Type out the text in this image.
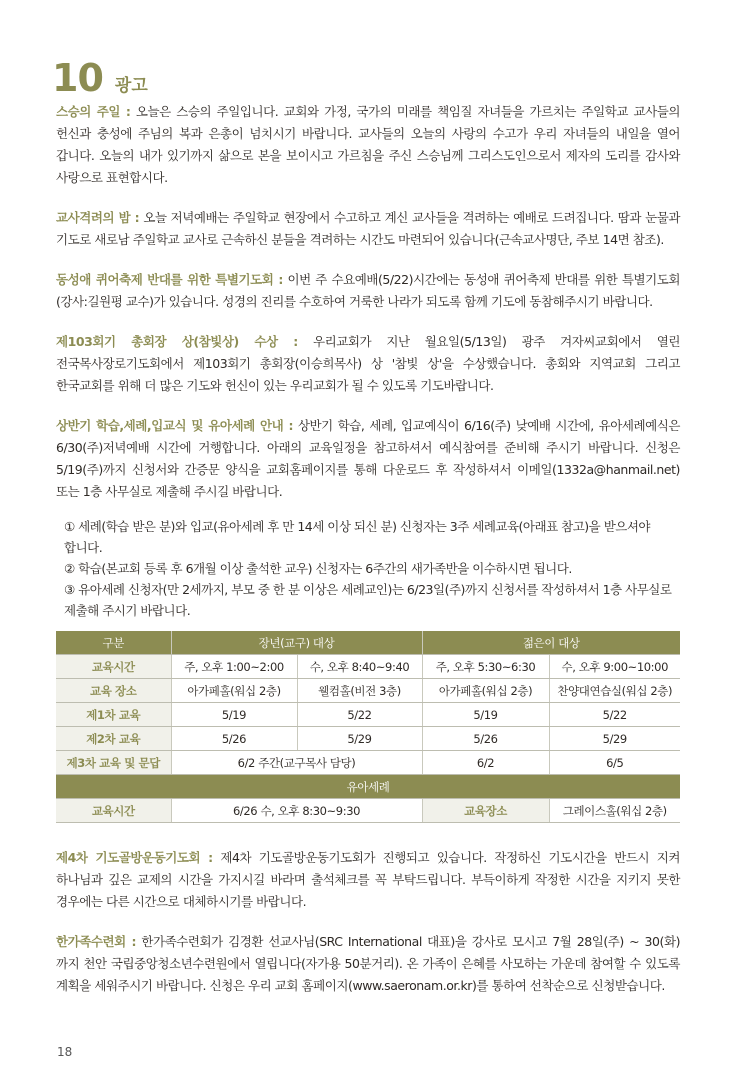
10 광고

스승의 주일 : 오늘은 스승의 주일입니다. 교회와 가정, 국가의 미래를 책임질 자녀들을 가르치는 주일학교 교사들의 헌신과 충성에 주님의 복과 은총이 넘치시기 바랍니다. 교사들의 오늘의 사랑의 수고가 우리 자녀들의 내일을 열어 갑니다. 오늘의 내가 있기까지 삶으로 본을 보이시고 가르침을 주신 스승님께 그리스도인으로서 제자의 도리를 감사와 사랑으로 표현합시다.

교사격려의 밤 : 오늘 저녁예배는 주일학교 현장에서 수고하고 계신 교사들을 격려하는 예배로 드려집니다. 땀과 눈물과 기도로 새로남 주일학교 교사로 근속하신 분들을 격려하는 시간도 마련되어 있습니다(근속교사명단, 주보 14면 참조).

동성애 퀴어축제 반대를 위한 특별기도회 : 이번 주 수요예배(5/22)시간에는 동성애 퀴어축제 반대를 위한 특별기도회(강사:길원평 교수)가 있습니다. 성경의 진리를 수호하여 거룩한 나라가 되도록 함께 기도에 동참해주시기 바랍니다.

제103회기 총회장 상(참빛상) 수상 : 우리교회가 지난 월요일(5/13일) 광주 겨자씨교회에서 열린 전국목사장로기도회에서 제103회기 총회장(이승희목사) 상 '참빛 상'을 수상했습니다. 총회와 지역교회 그리고 한국교회를 위해 더 많은 기도와 헌신이 있는 우리교회가 될 수 있도록 기도바랍니다.

상반기 학습,세례,입교식 및 유아세례 안내 : 상반기 학습, 세례, 입교예식이 6/16(주) 낮예배 시간에, 유아세례예식은 6/30(주)저녁예배 시간에 거행합니다. 아래의 교육일정을 참고하셔서 예식참여를 준비해 주시기 바랍니다. 신청은 5/19(주)까지 신청서와 간증문 양식을 교회홈페이지를 통해 다운로드 후 작성하셔서 이메일(1332a@hanmail.net) 또는 1층 사무실로 제출해 주시길 바랍니다.

① 세례(학습 받은 분)와 입교(유아세례 후 만 14세 이상 되신 분) 신청자는 3주 세례교육(아래표 참고)을 받으셔야 합니다.
② 학습(본교회 등록 후 6개월 이상 출석한 교우) 신청자는 6주간의 새가족반을 이수하시면 됩니다.
③ 유아세례 신청자(만 2세까지, 부모 중 한 분 이상은 세례교인)는 6/23일(주)까지 신청서를 작성하셔서 1층 사무실로 제출해 주시기 바랍니다.
구분	장년(교구) 대상		젊은이 대상	
교육시간	주, 오후 1:00~2:00	수, 오후 8:40~9:40	주, 오후 5:30~6:30	수, 오후 9:00~10:00
교육 장소	아가페홀(워십 2층)	웰컴홀(비전 3층)	아가페홀(워십 2층)	찬양대연습실(워십 2층)
제1차 교육	5/19	5/22	5/19	5/22
제2차 교육	5/26	5/29	5/26	5/29
제3차 교육 및 문답	6/2 주간(교구목사 담당)		6/2	6/5
유아세례				
교육시간	6/26 수, 오후 8:30~9:30		교육장소	그레이스홀(워십 2층)

제4차 기도골방운동기도회 : 제4차 기도골방운동기도회가 진행되고 있습니다. 작정하신 기도시간을 반드시 지켜 하나님과 깊은 교제의 시간을 가지시길 바라며 출석체크를 꼭 부탁드립니다. 부득이하게 작정한 시간을 지키지 못한 경우에는 다른 시간으로 대체하시기를 바랍니다.

한가족수련회 : 한가족수련회가 김경환 선교사님(SRC International 대표)을 강사로 모시고 7월 28일(주) ~ 30(화)까지 천안 국립중앙청소년수련원에서 열립니다(자가용 50분거리). 온 가족이 은혜를 사모하는 가운데 참여할 수 있도록 계획을 세워주시기 바랍니다. 신청은 우리 교회 홈페이지(www.saeronam.or.kr)를 통하여 선착순으로 신청받습니다.

18
